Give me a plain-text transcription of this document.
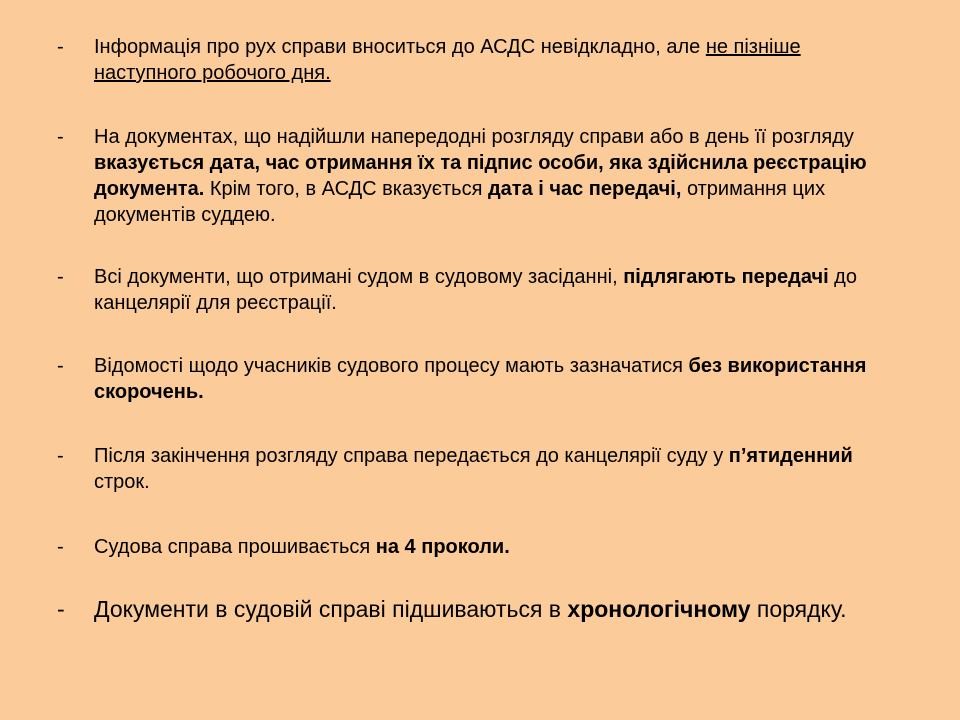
- Інформація про рух справи вноситься до АСДС невідкладно, але не пізніше наступного робочого дня.
- На документах, що надійшли напередодні розгляду справи або в день її розгляду вказується дата, час отримання їх та підпис особи, яка здійснила реєстрацію документа. Крім того, в АСДС вказується дата і час передачі, отримання цих документів суддею.
- Всі документи, що отримані судом в судовому засіданні, підлягають передачі до канцелярії для реєстрації.
- Відомості щодо учасників судового процесу мають зазначатися без використання скорочень.
- Після закінчення розгляду справа передається до канцелярії суду у п’ятиденний строк.
- Судова справа прошивається на 4 проколи.
- Документи в судовій справі підшиваються в хронологічному порядку.
